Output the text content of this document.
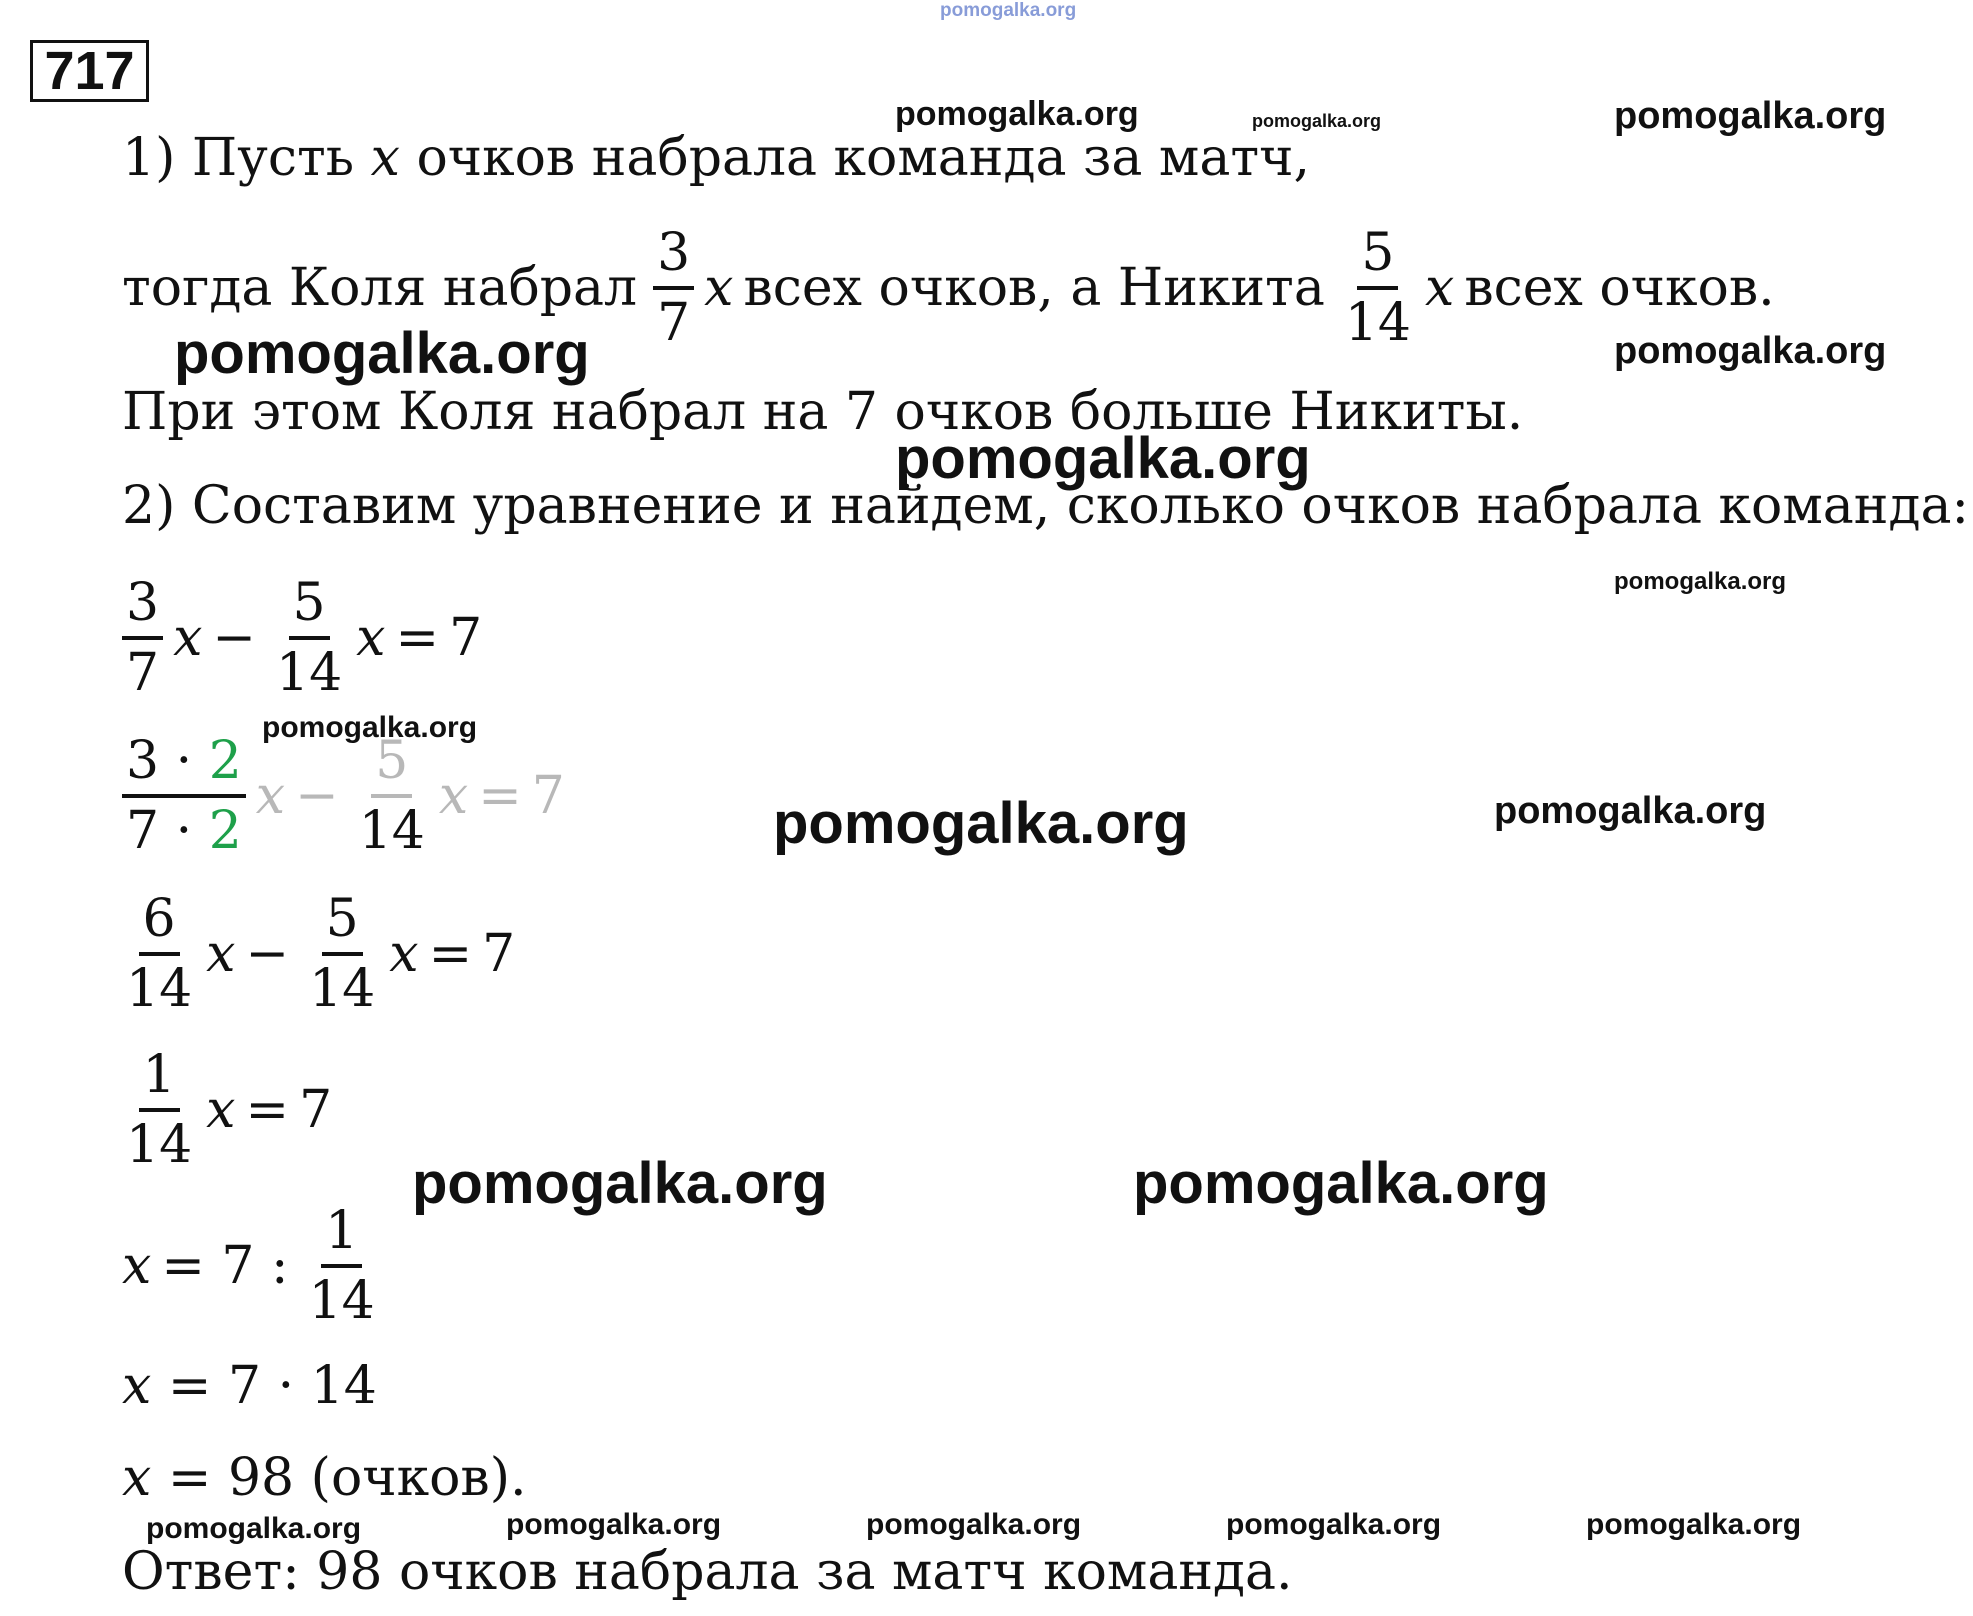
pomogalka.org
pomogalka.org	pomogalka.org	pomogalka.org
pomogalka.org	pomogalka.org
pomogalka.org
pomogalka.org
pomogalka.org
pomogalka.org	pomogalka.org
pomogalka.org	pomogalka.org
pomogalka.org	pomogalka.org	pomogalka.org	pomogalka.org	pomogalka.org
717
1) Пусть x очков набрала команда за матч,
тогда Коля набрал $\frac{3}{7}$ x всех очков, а Никита $\frac{5}{14}$ x всех очков.
При этом Коля набрал на 7 очков больше Никиты.
2) Составим уравнение и найдем, сколько очков набрала команда:
$\frac{3}{7}$ $x - \frac{5}{14}$ x = 7
$\frac{3 \cdot 2}{7 \cdot 2}$ $x - \frac{5}{14}$ x = 7
$\frac{6}{14}$ $x - \frac{5}{14}$ x = 7
$\frac{1}{14}$ x = 7
x = 7 : $\frac{1}{14}$
x = 7 · 14
x = 98 (очков).
Ответ: 98 очков набрала за матч команда.
